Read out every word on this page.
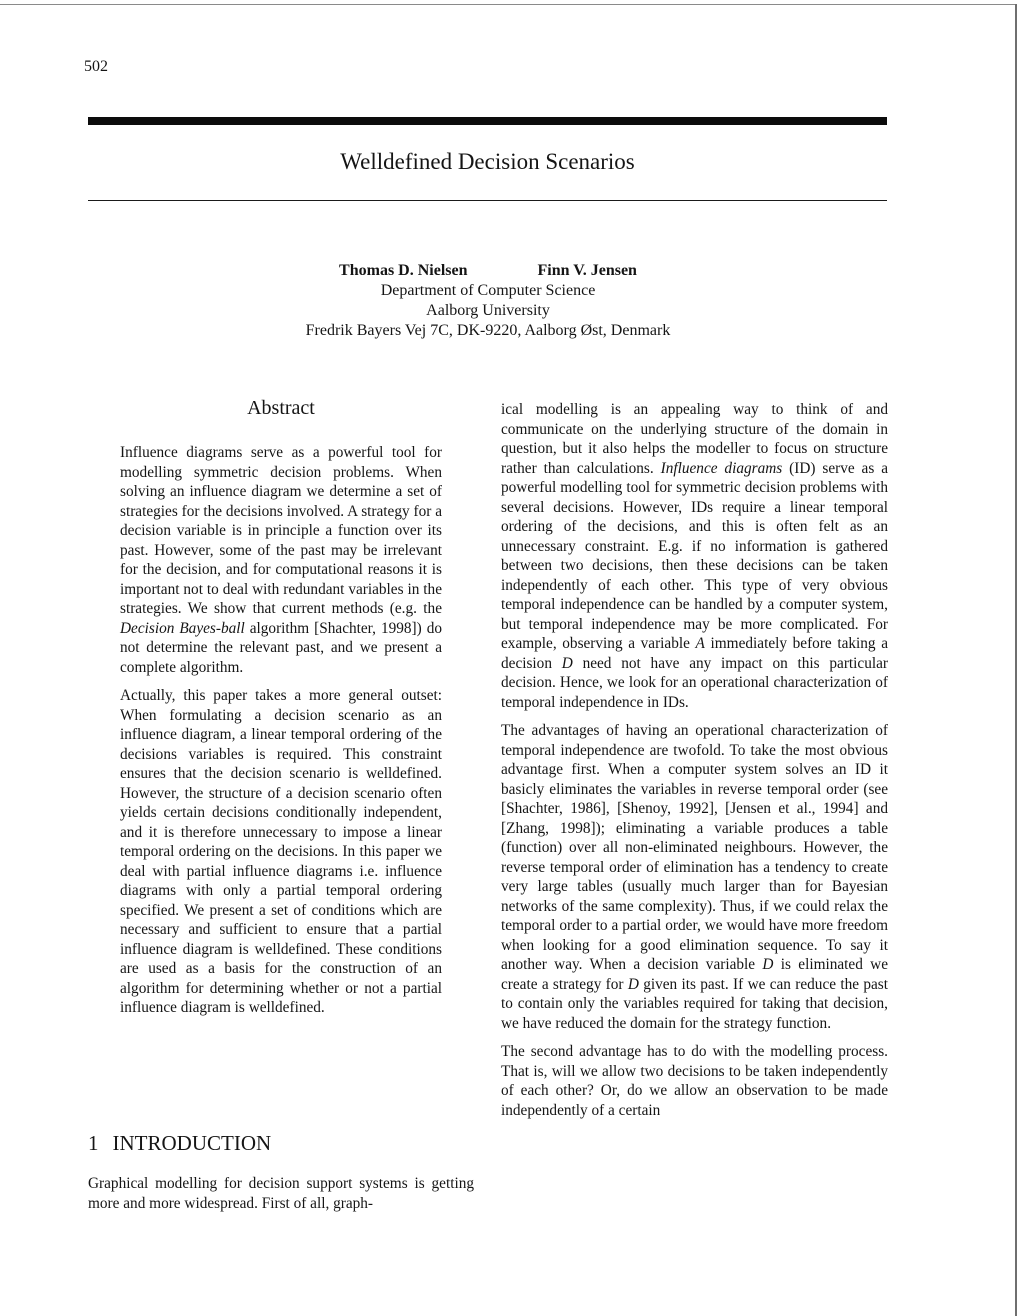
502
Welldefined Decision Scenarios
Thomas D. Nielsen	Finn V. Jensen
Department of Computer Science
Aalborg University
Fredrik Bayers Vej 7C, DK-9220, Aalborg Øst, Denmark
Abstract

Influence diagrams serve as a powerful tool for modelling symmetric decision problems. When solving an influence diagram we determine a set of strategies for the decisions involved. A strategy for a decision variable is in principle a function over its past. However, some of the past may be irrelevant for the decision, and for computational reasons it is important not to deal with redundant variables in the strategies. We show that current methods (e.g. the Decision Bayes-ball algorithm [Shachter, 1998]) do not determine the relevant past, and we present a complete algorithm.

Actually, this paper takes a more general outset: When formulating a decision scenario as an influence diagram, a linear temporal ordering of the decisions variables is required. This constraint ensures that the decision scenario is welldefined. However, the structure of a decision scenario often yields certain decisions conditionally independent, and it is therefore unnecessary to impose a linear temporal ordering on the decisions. In this paper we deal with partial influence diagrams i.e. influence diagrams with only a partial temporal ordering specified. We present a set of conditions which are necessary and sufficient to ensure that a partial influence diagram is welldefined. These conditions are used as a basis for the construction of an algorithm for determining whether or not a partial influence diagram is welldefined.

1 INTRODUCTION

Graphical modelling for decision support systems is getting more and more widespread. First of all, graph-

ical modelling is an appealing way to think of and communicate on the underlying structure of the domain in question, but it also helps the modeller to focus on structure rather than calculations. Influence diagrams (ID) serve as a powerful modelling tool for symmetric decision problems with several decisions. However, IDs require a linear temporal ordering of the decisions, and this is often felt as an unnecessary constraint. E.g. if no information is gathered between two decisions, then these decisions can be taken independently of each other. This type of very obvious temporal independence can be handled by a computer system, but temporal independence may be more complicated. For example, observing a variable A immediately before taking a decision D need not have any impact on this particular decision. Hence, we look for an operational characterization of temporal independence in IDs.

The advantages of having an operational characterization of temporal independence are twofold. To take the most obvious advantage first. When a computer system solves an ID it basicly eliminates the variables in reverse temporal order (see [Shachter, 1986], [Shenoy, 1992], [Jensen et al., 1994] and [Zhang, 1998]); eliminating a variable produces a table (function) over all non-eliminated neighbours. However, the reverse temporal order of elimination has a tendency to create very large tables (usually much larger than for Bayesian networks of the same complexity). Thus, if we could relax the temporal order to a partial order, we would have more freedom when looking for a good elimination sequence. To say it another way. When a decision variable D is eliminated we create a strategy for D given its past. If we can reduce the past to contain only the variables required for taking that decision, we have reduced the domain for the strategy function.

The second advantage has to do with the modelling process. That is, will we allow two decisions to be taken independently of each other? Or, do we allow an observation to be made independently of a certain
